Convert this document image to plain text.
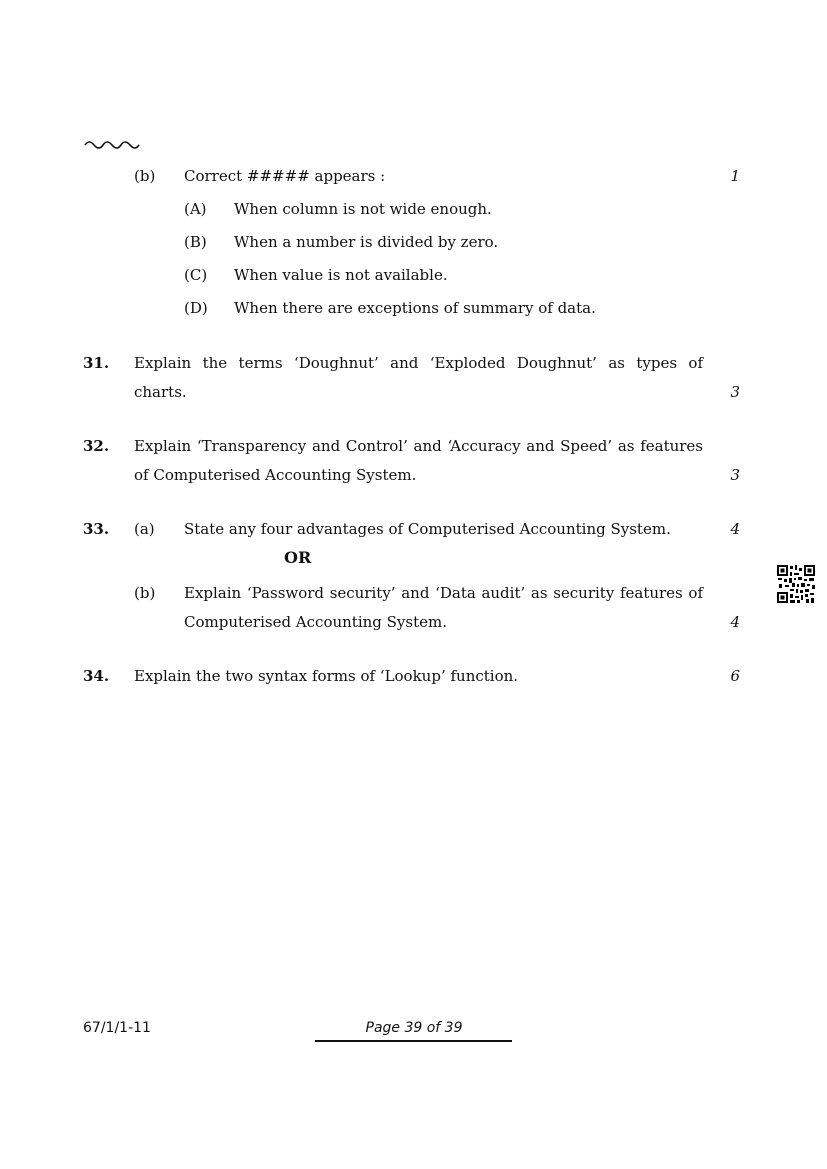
(b) Correct ##### appears :	1
(A) When column is not wide enough.
(B) When a number is divided by zero.
(C) When value is not available.
(D) When there are exceptions of summary of data.
31. Explain the terms ‘Doughnut’ and ‘Exploded Doughnut’ as types of
charts.	3
32. Explain ‘Transparency and Control’ and ‘Accuracy and Speed’ as features
of Computerised Accounting System.	3
33. (a) State any four advantages of Computerised Accounting System.	4
OR
(b) Explain ‘Password security’ and ‘Data audit’ as security features of
Computerised Accounting System.	4
34. Explain the two syntax forms of ‘Lookup’ function.	6
67/1/1-11	Page 39 of 39
